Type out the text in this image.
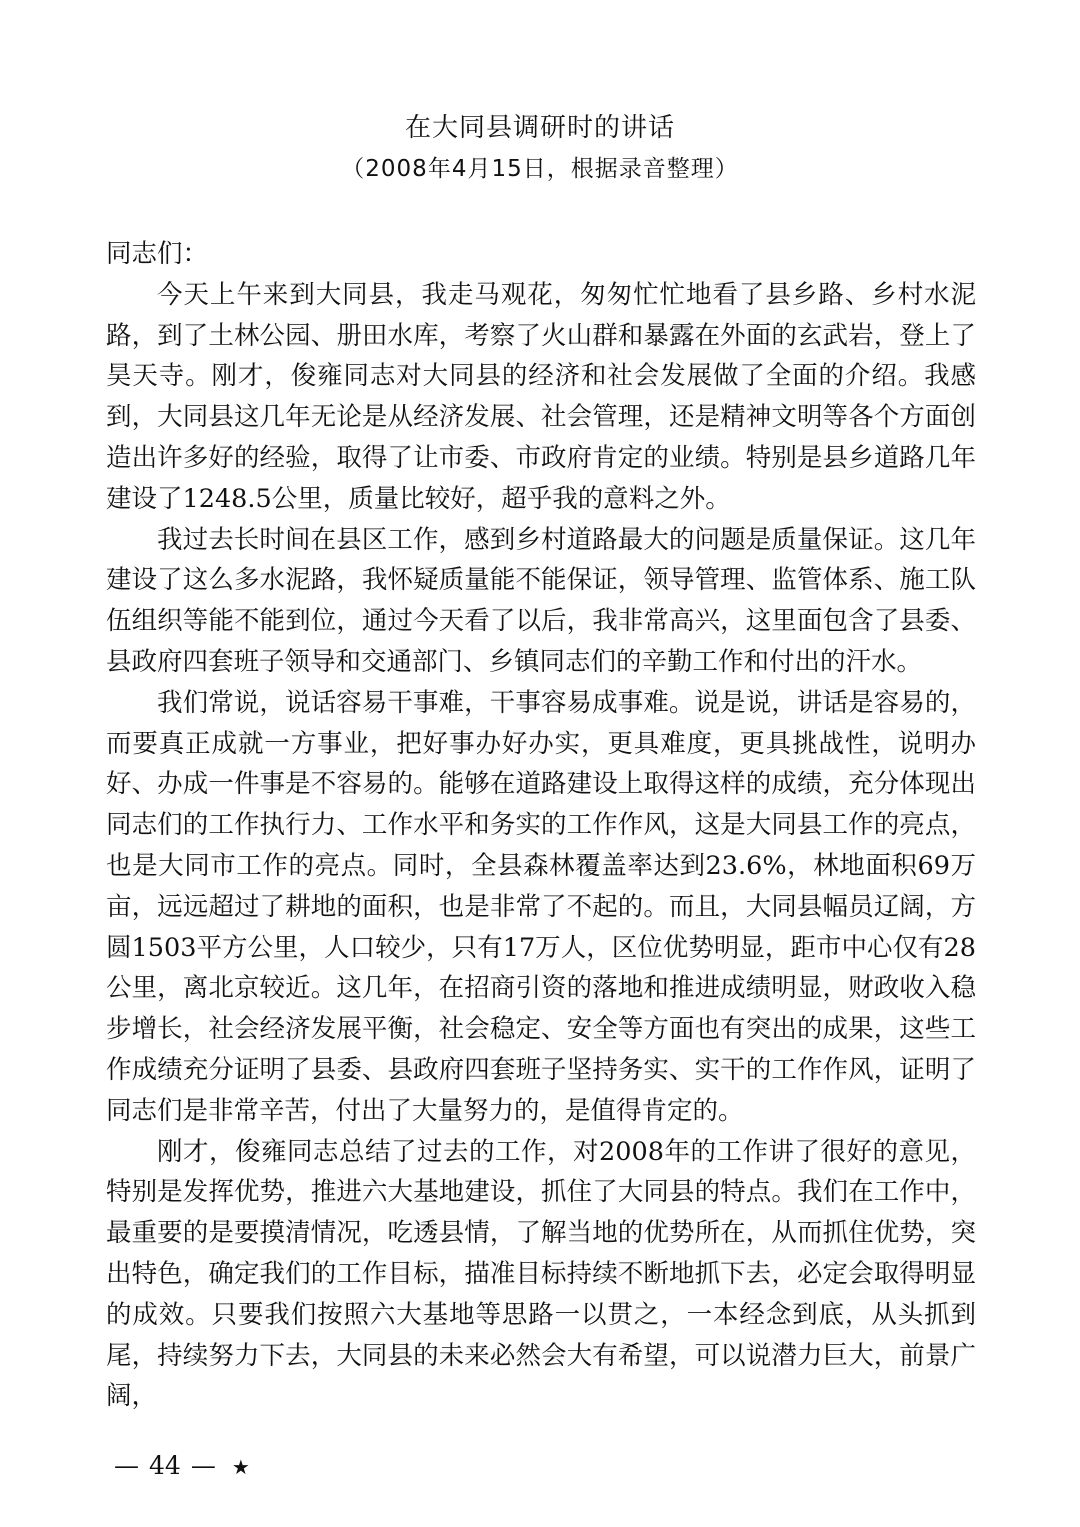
在大同县调研时的讲话
（2008年4月15日，根据录音整理）

同志们：

今天上午来到大同县，我走马观花，匆匆忙忙地看了县乡路、乡村水泥路，到了土林公园、册田水库，考察了火山群和暴露在外面的玄武岩，登上了昊天寺。刚才，俊雍同志对大同县的经济和社会发展做了全面的介绍。我感到，大同县这几年无论是从经济发展、社会管理，还是精神文明等各个方面创造出许多好的经验，取得了让市委、市政府肯定的业绩。特别是县乡道路几年建设了1248.5公里，质量比较好，超乎我的意料之外。

我过去长时间在县区工作，感到乡村道路最大的问题是质量保证。这几年建设了这么多水泥路，我怀疑质量能不能保证，领导管理、监管体系、施工队伍组织等能不能到位，通过今天看了以后，我非常高兴，这里面包含了县委、县政府四套班子领导和交通部门、乡镇同志们的辛勤工作和付出的汗水。

我们常说，说话容易干事难，干事容易成事难。说是说，讲话是容易的，而要真正成就一方事业，把好事办好办实，更具难度，更具挑战性，说明办好、办成一件事是不容易的。能够在道路建设上取得这样的成绩，充分体现出同志们的工作执行力、工作水平和务实的工作作风，这是大同县工作的亮点，也是大同市工作的亮点。同时，全县森林覆盖率达到23.6%，林地面积69万亩，远远超过了耕地的面积，也是非常了不起的。而且，大同县幅员辽阔，方圆1503平方公里，人口较少，只有17万人，区位优势明显，距市中心仅有28公里，离北京较近。这几年，在招商引资的落地和推进成绩明显，财政收入稳步增长，社会经济发展平衡，社会稳定、安全等方面也有突出的成果，这些工作成绩充分证明了县委、县政府四套班子坚持务实、实干的工作作风，证明了同志们是非常辛苦，付出了大量努力的，是值得肯定的。

刚才，俊雍同志总结了过去的工作，对2008年的工作讲了很好的意见，特别是发挥优势，推进六大基地建设，抓住了大同县的特点。我们在工作中，最重要的是要摸清情况，吃透县情，了解当地的优势所在，从而抓住优势，突出特色，确定我们的工作目标，描准目标持续不断地抓下去，必定会取得明显的成效。只要我们按照六大基地等思路一以贯之，一本经念到底，从头抓到尾，持续努力下去，大同县的未来必然会大有希望，可以说潜力巨大，前景广阔，

— 44 — ★
